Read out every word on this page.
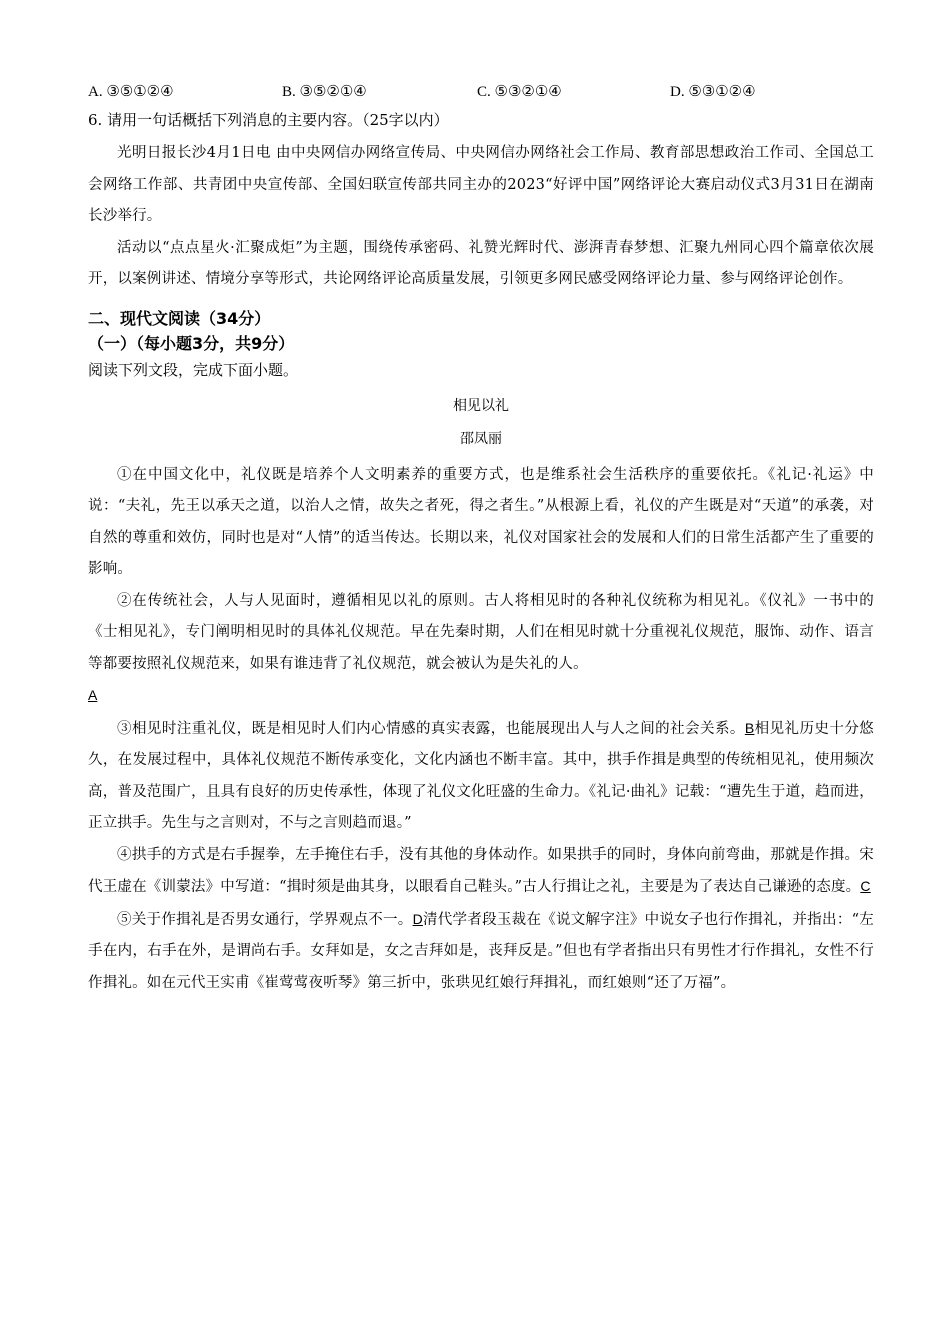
A. ③⑤①②④	B. ③⑤②①④	C. ⑤③②①④	D. ⑤③①②④

6. 请用一句话概括下列消息的主要内容。（25字以内）

光明日报长沙4月1日电 由中央网信办网络宣传局、中央网信办网络社会工作局、教育部思想政治工作司、全国总工会网络工作部、共青团中央宣传部、全国妇联宣传部共同主办的2023“好评中国”网络评论大赛启动仪式3月31日在湖南长沙举行。

活动以“点点星火·汇聚成炬”为主题，围绕传承密码、礼赞光辉时代、澎湃青春梦想、汇聚九州同心四个篇章依次展开，以案例讲述、情境分享等形式，共论网络评论高质量发展，引领更多网民感受网络评论力量、参与网络评论创作。

二、现代文阅读（34分）

（一）（每小题3分，共9分）

阅读下列文段，完成下面小题。

相见以礼

邵凤丽

①在中国文化中，礼仪既是培养个人文明素养的重要方式，也是维系社会生活秩序的重要依托。《礼记·礼运》中说：“夫礼，先王以承天之道，以治人之情，故失之者死，得之者生。”从根源上看，礼仪的产生既是对“天道”的承袭，对自然的尊重和效仿，同时也是对“人情”的适当传达。长期以来，礼仪对国家社会的发展和人们的日常生活都产生了重要的影响。

②在传统社会，人与人见面时，遵循相见以礼的原则。古人将相见时的各种礼仪统称为相见礼。《仪礼》一书中的《士相见礼》，专门阐明相见时的具体礼仪规范。早在先秦时期，人们在相见时就十分重视礼仪规范，服饰、动作、语言等都要按照礼仪规范来，如果有谁违背了礼仪规范，就会被认为是失礼的人。

A

③相见时注重礼仪，既是相见时人们内心情感的真实表露，也能展现出人与人之间的社会关系。B相见礼历史十分悠久，在发展过程中，具体礼仪规范不断传承变化，文化内涵也不断丰富。其中，拱手作揖是典型的传统相见礼，使用频次高，普及范围广，且具有良好的历史传承性，体现了礼仪文化旺盛的生命力。《礼记·曲礼》记载：“遭先生于道，趋而进，正立拱手。先生与之言则对，不与之言则趋而退。”

④拱手的方式是右手握拳，左手掩住右手，没有其他的身体动作。如果拱手的同时，身体向前弯曲，那就是作揖。宋代王虚在《训蒙法》中写道：“揖时须是曲其身，以眼看自己鞋头。”古人行揖让之礼，主要是为了表达自己谦逊的态度。C

⑤关于作揖礼是否男女通行，学界观点不一。D清代学者段玉裁在《说文解字注》中说女子也行作揖礼，并指出：“左手在内，右手在外，是谓尚右手。女拜如是，女之吉拜如是，丧拜反是。”但也有学者指出只有男性才行作揖礼，女性不行作揖礼。如在元代王实甫《崔莺莺夜听琴》第三折中，张珙见红娘行拜揖礼，而红娘则“还了万福”。
